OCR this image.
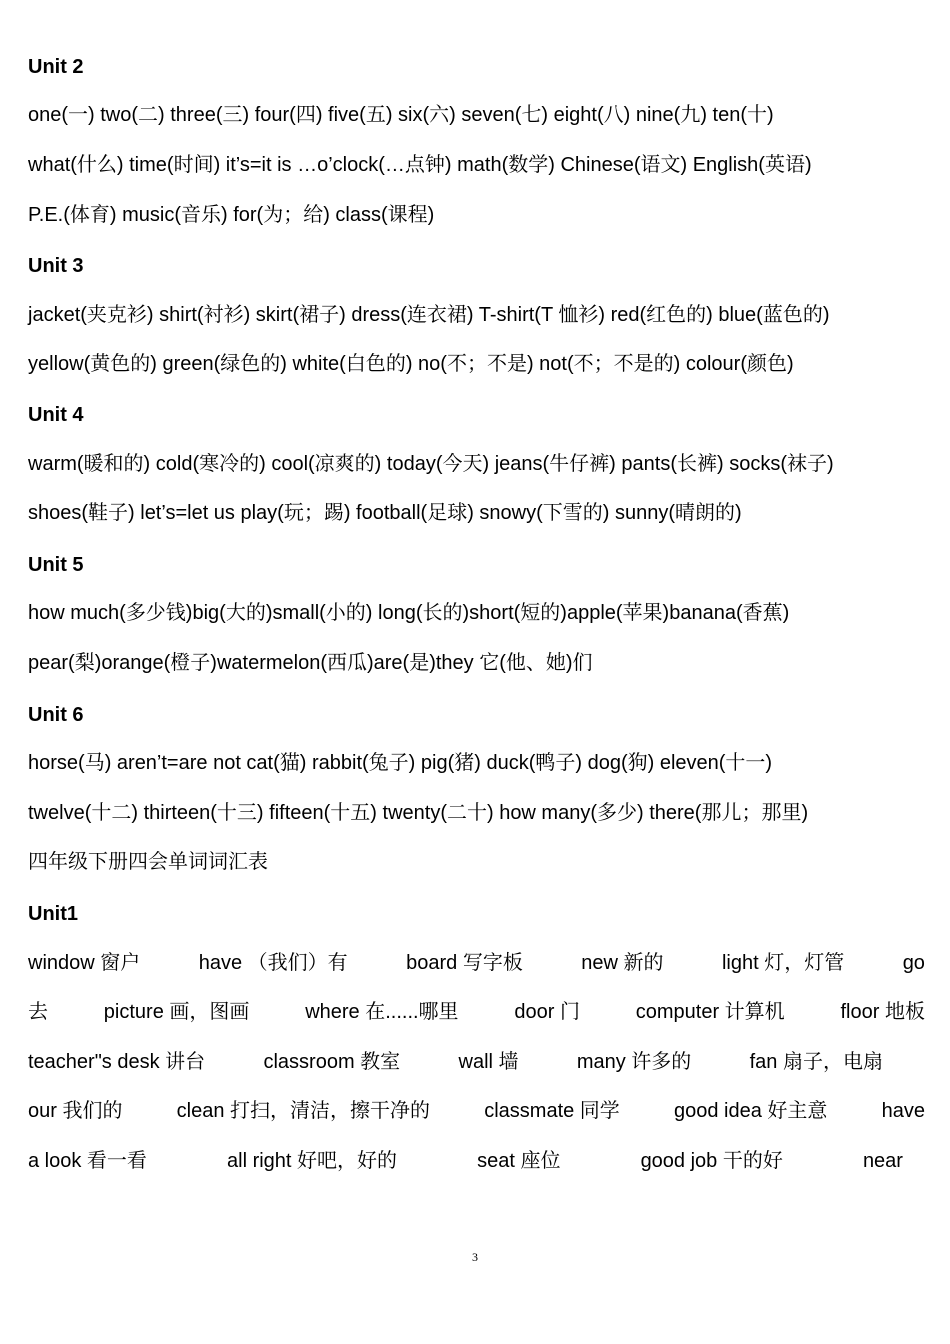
Unit 2
one(一) two(二) three(三) four(四) five(五) six(六) seven(七) eight(八) nine(九) ten(十)
what(什么) time(时间) it’s=it is …o’clock(…点钟) math(数学) Chinese(语文) English(英语)
P.E.(体育) music(音乐) for(为；给) class(课程)
Unit 3
jacket(夹克衫) shirt(衬衫) skirt(裙子) dress(连衣裙) T-shirt(T 恤衫) red(红色的) blue(蓝色的)
yellow(黄色的) green(绿色的) white(白色的) no(不；不是) not(不；不是的) colour(颜色)
Unit 4
warm(暖和的) cold(寒冷的) cool(凉爽的) today(今天) jeans(牛仔裤) pants(长裤) socks(袜子)
shoes(鞋子) let’s=let us play(玩；踢) football(足球) snowy(下雪的) sunny(晴朗的)
Unit 5
how much(多少钱)big(大的)small(小的) long(长的)short(短的)apple(苹果)banana(香蕉)
pear(梨)orange(橙子)watermelon(西瓜)are(是)they 它(他、她)们
Unit 6
horse(马) aren’t=are not cat(猫) rabbit(兔子) pig(猪) duck(鸭子) dog(狗) eleven(十一)
twelve(十二) thirteen(十三) fifteen(十五) twenty(二十) how many(多少) there(那儿；那里)
四年级下册四会单词词汇表
Unit1
window 窗户	have （我们）有	board 写字板	new 新的	light 灯，灯管	go
去	picture 画，图画	where 在......哪里	door 门	computer 计算机	floor 地板
teacher"s desk 讲台	classroom 教室	wall 墙	many 许多的	fan 扇子，电扇
our 我们的	clean 打扫，清洁，擦干净的	classmate 同学	good idea 好主意	have
a look 看一看	all right 好吧，好的	seat 座位	good job 干的好	near
3
